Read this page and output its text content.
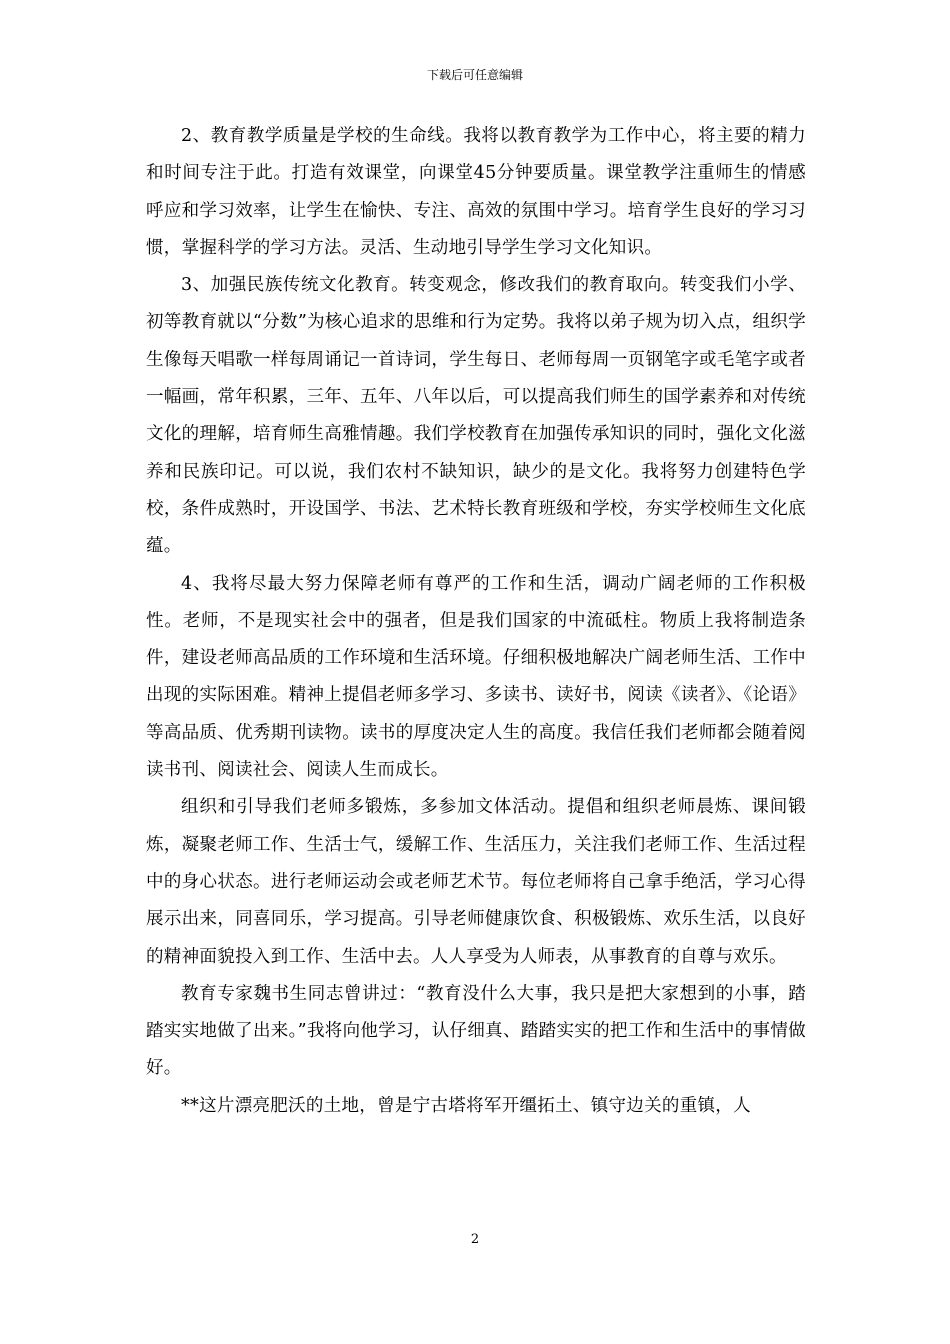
下载后可任意编辑

2、教育教学质量是学校的生命线。我将以教育教学为工作中心，将主要的精力和时间专注于此。打造有效课堂，向课堂45分钟要质量。课堂教学注重师生的情感呼应和学习效率，让学生在愉快、专注、高效的氛围中学习。培育学生良好的学习习惯，掌握科学的学习方法。灵活、生动地引导学生学习文化知识。

3、加强民族传统文化教育。转变观念，修改我们的教育取向。转变我们小学、初等教育就以“分数”为核心追求的思维和行为定势。我将以弟子规为切入点，组织学生像每天唱歌一样每周诵记一首诗词，学生每日、老师每周一页钢笔字或毛笔字或者一幅画，常年积累，三年、五年、八年以后，可以提高我们师生的国学素养和对传统文化的理解，培育师生高雅情趣。我们学校教育在加强传承知识的同时，强化文化滋养和民族印记。可以说，我们农村不缺知识，缺少的是文化。我将努力创建特色学校，条件成熟时，开设国学、书法、艺术特长教育班级和学校，夯实学校师生文化底蕴。

4、我将尽最大努力保障老师有尊严的工作和生活，调动广阔老师的工作积极性。老师，不是现实社会中的强者，但是我们国家的中流砥柱。物质上我将制造条件，建设老师高品质的工作环境和生活环境。仔细积极地解决广阔老师生活、工作中出现的实际困难。精神上提倡老师多学习、多读书、读好书，阅读《读者》、《论语》等高品质、优秀期刊读物。读书的厚度决定人生的高度。我信任我们老师都会随着阅读书刊、阅读社会、阅读人生而成长。

组织和引导我们老师多锻炼，多参加文体活动。提倡和组织老师晨炼、课间锻炼，凝聚老师工作、生活士气，缓解工作、生活压力，关注我们老师工作、生活过程中的身心状态。进行老师运动会或老师艺术节。每位老师将自己拿手绝活，学习心得展示出来，同喜同乐，学习提高。引导老师健康饮食、积极锻炼、欢乐生活，以良好的精神面貌投入到工作、生活中去。人人享受为人师表，从事教育的自尊与欢乐。

教育专家魏书生同志曾讲过：“教育没什么大事，我只是把大家想到的小事，踏踏实实地做了出来。”我将向他学习，认仔细真、踏踏实实的把工作和生活中的事情做好。

**这片漂亮肥沃的土地，曾是宁古塔将军开缰拓土、镇守边关的重镇，人

2
